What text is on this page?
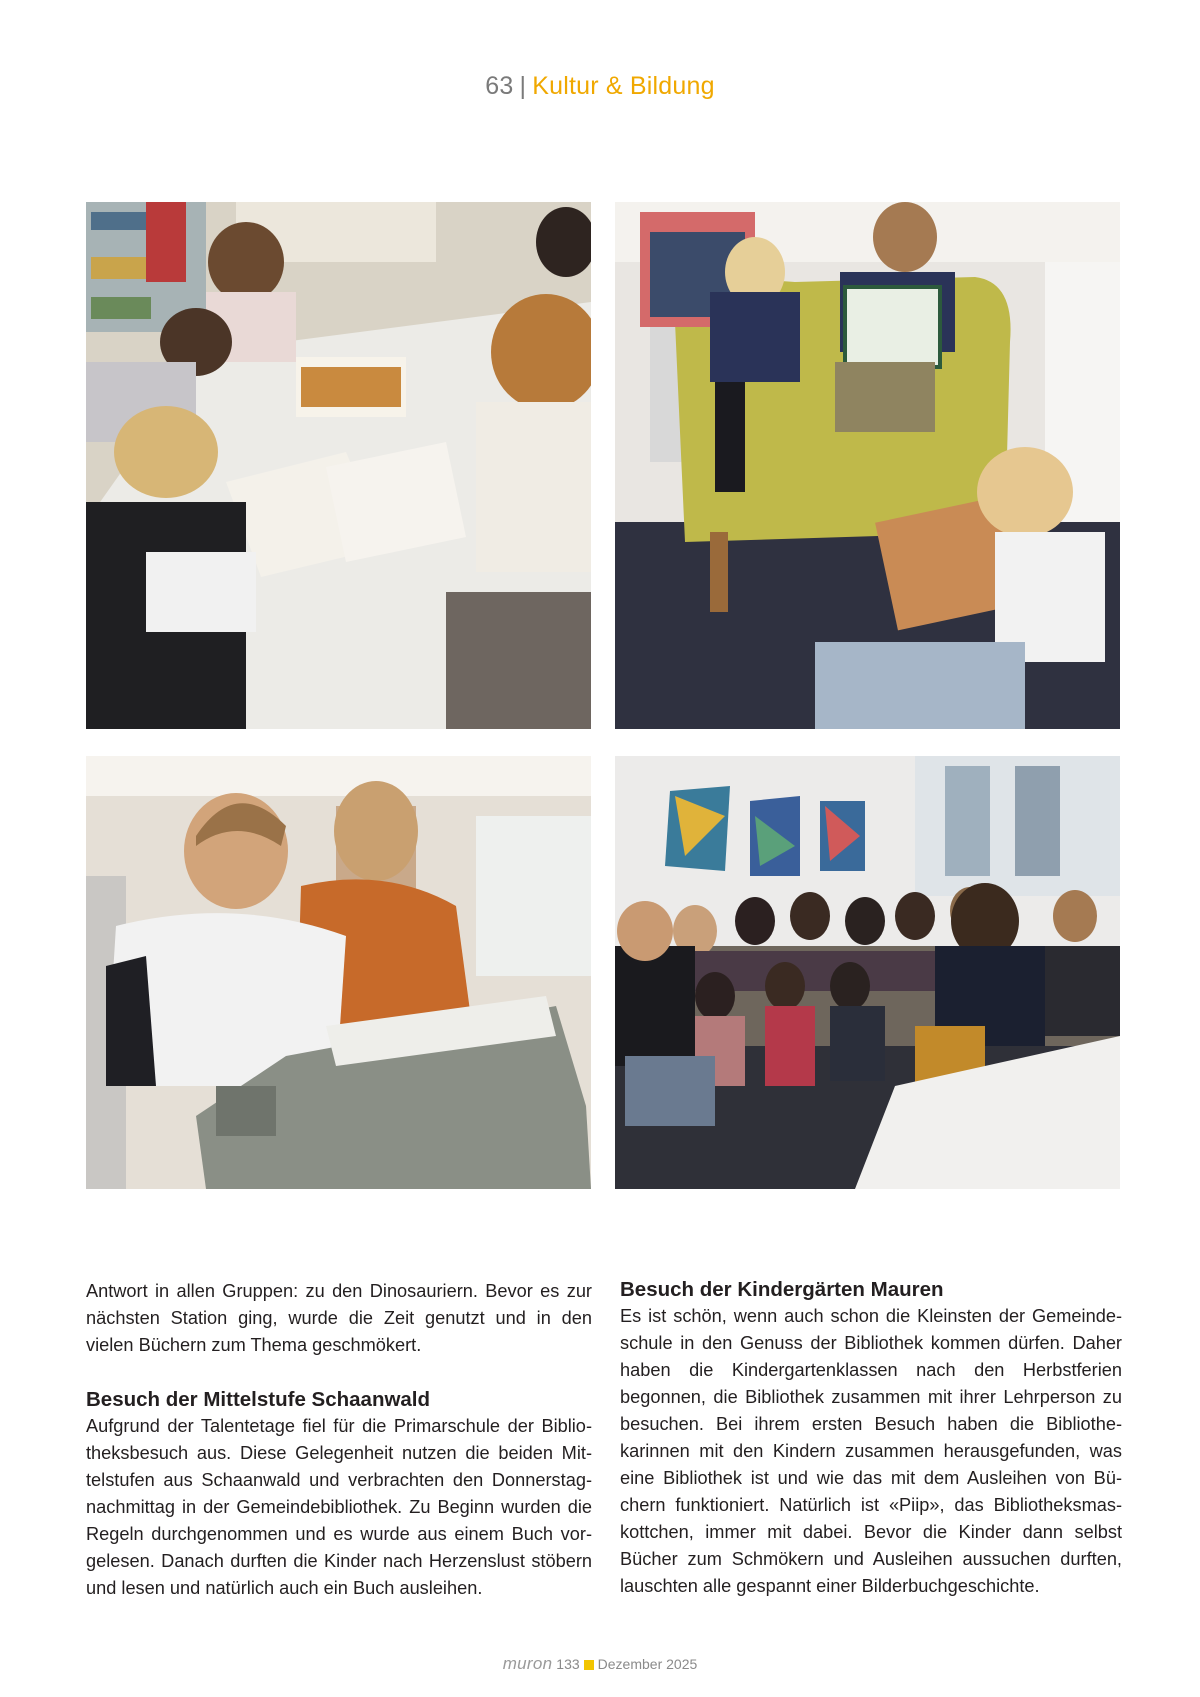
63 | Kultur & Bildung

Antwort in allen Gruppen: zu den Dinosauriern. Bevor es zur nächsten Station ging, wurde die Zeit genutzt und in den vielen Büchern zum Thema geschmökert.

Besuch der Mittelstufe Schaanwald

Aufgrund der Talentetage fiel für die Primarschule der Bibliotheksbesuch aus. Diese Gelegenheit nutzen die beiden Mittelstufen aus Schaanwald und verbrachten den Donnerstagnachmittag in der Gemeindebibliothek. Zu Beginn wurden die Regeln durchgenommen und es wurde aus einem Buch vorgelesen. Danach durften die Kinder nach Herzenslust stöbern und lesen und natürlich auch ein Buch ausleihen.

Besuch der Kindergärten Mauren

Es ist schön, wenn auch schon die Kleinsten der Gemeindeschule in den Genuss der Bibliothek kommen dürfen. Daher haben die Kindergartenklassen nach den Herbstferien begonnen, die Bibliothek zusammen mit ihrer Lehrperson zu besuchen. Bei ihrem ersten Besuch haben die Bibliothekarinnen mit den Kindern zusammen herausgefunden, was eine Bibliothek ist und wie das mit dem Ausleihen von Büchern funktioniert. Natürlich ist «Piip», das Bibliotheksmaskottchen, immer mit dabei. Bevor die Kinder dann selbst Bücher zum Schmökern und Ausleihen aussuchen durften, lauschten alle gespannt einer Bilderbuchgeschichte.

muron 133 Dezember 2025
